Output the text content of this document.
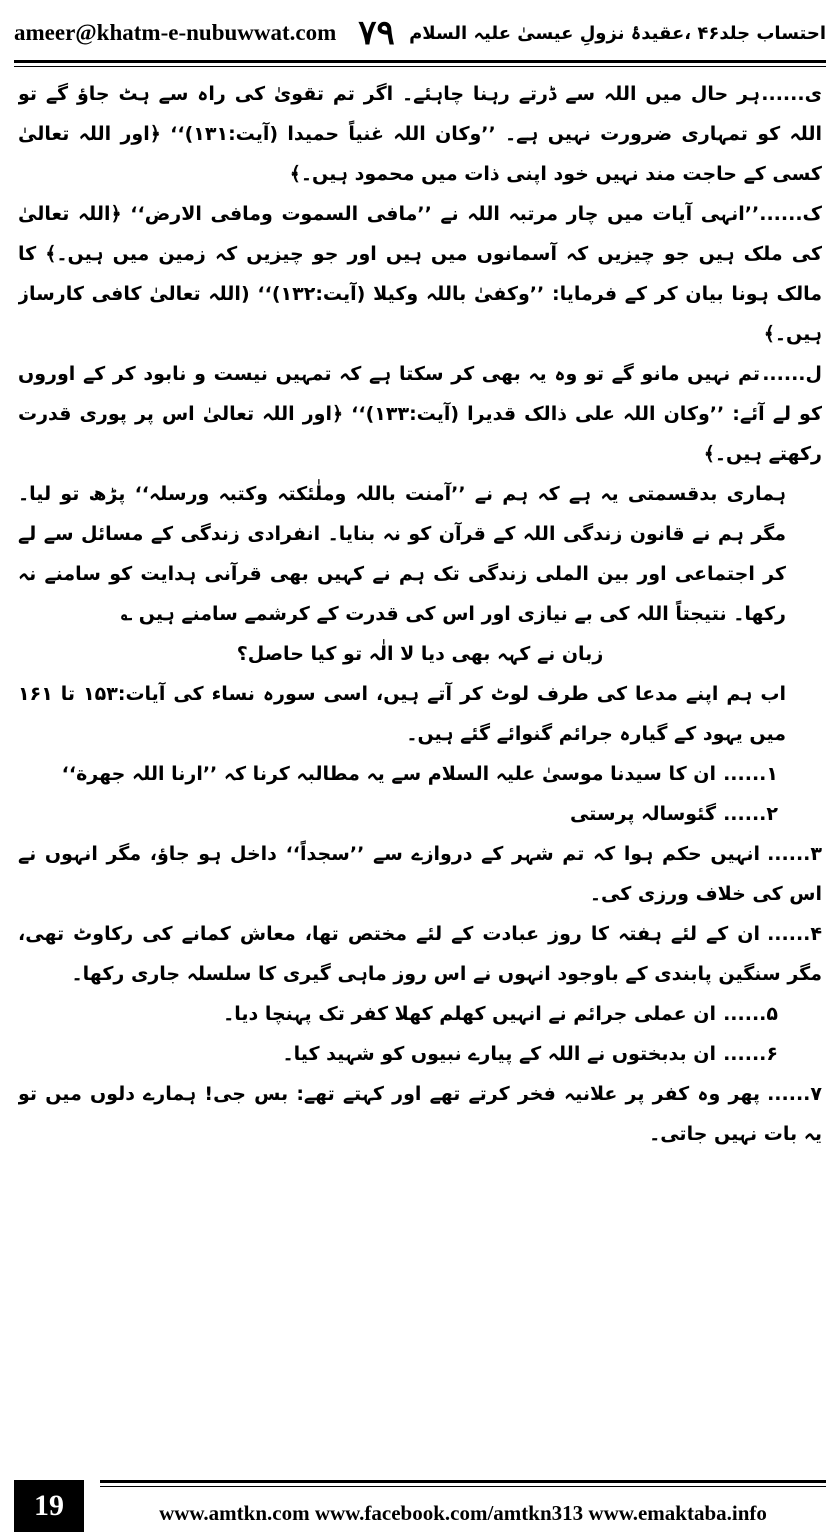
ameer@khatm-e-nubuwwat.com ۷۹ احتساب جلد۴۶ ،عقیدۂ نزولِ عیسیٰ علیہ السلام

ی......ہر حال میں اللہ سے ڈرتے رہنا چاہئے۔ اگر تم تقویٰ کی راہ سے ہٹ جاؤ گے تو اللہ کو تمہاری ضرورت نہیں ہے۔ ’’وکان اللہ غنیاً حمیدا (آیت:۱۳۱)‘‘ ﴿اور اللہ تعالیٰ کسی کے حاجت مند نہیں خود اپنی ذات میں محمود ہیں۔﴾

ک......’’انہی آیات میں چار مرتبہ اللہ نے ’’مافی السموت ومافی الارض‘‘ ﴿اللہ تعالیٰ کی ملک ہیں جو چیزیں کہ آسمانوں میں ہیں اور جو چیزیں کہ زمین میں ہیں۔﴾ کا مالک ہونا بیان کر کے فرمایا: ’’وکفیٰ باللہ وکیلا (آیت:۱۳۲)‘‘ (اللہ تعالیٰ کافی کارساز ہیں۔﴾

ل......تم نہیں مانو گے تو وہ یہ بھی کر سکتا ہے کہ تمہیں نیست و نابود کر کے اوروں کو لے آئے: ’’وکان اللہ علی ذالک قدیرا (آیت:۱۳۳)‘‘ ﴿اور اللہ تعالیٰ اس پر پوری قدرت رکھتے ہیں۔﴾

ہماری بدقسمتی یہ ہے کہ ہم نے ’’آمنت باللہ وملٰئکتہ وکتبہ ورسلہ‘‘ پڑھ تو لیا۔ مگر ہم نے قانون زندگی اللہ کے قرآن کو نہ بنایا۔ انفرادی زندگی کے مسائل سے لے کر اجتماعی اور بین الملی زندگی تک ہم نے کہیں بھی قرآنی ہدایت کو سامنے نہ رکھا۔ نتیجتاً اللہ کی بے نیازی اور اس کی قدرت کے کرشمے سامنے ہیں ؎

زبان نے کہہ بھی دیا لا الٰہ تو کیا حاصل؟

اب ہم اپنے مدعا کی طرف لوٹ کر آتے ہیں، اسی سورہ نساء کی آیات:۱۵۳ تا ۱۶۱ میں یہود کے گیارہ جرائم گنوائے گئے ہیں۔

۱......ان کا سیدنا موسیٰ علیہ السلام سے یہ مطالبہ کرنا کہ ’’ارنا اللہ جهرة‘‘

۲......گئوسالہ پرستی

۳......انہیں حکم ہوا کہ تم شہر کے دروازے سے ’’سجداً‘‘ داخل ہو جاؤ، مگر انہوں نے اس کی خلاف ورزی کی۔

۴......ان کے لئے ہفتہ کا روز عبادت کے لئے مختص تھا، معاش کمانے کی رکاوٹ تھی، مگر سنگین پابندی کے باوجود انہوں نے اس روز ماہی گیری کا سلسلہ جاری رکھا۔

۵......ان عملی جرائم نے انہیں کھلم کھلا کفر تک پہنچا دیا۔

۶......ان بدبختوں نے اللہ کے پیارے نبیوں کو شہید کیا۔

۷......پھر وہ کفر پر علانیہ فخر کرتے تھے اور کہتے تھے: بس جی! ہمارے دلوں میں تو یہ بات نہیں جاتی۔

19	www.amtkn.com www.facebook.com/amtkn313 www.emaktaba.info
